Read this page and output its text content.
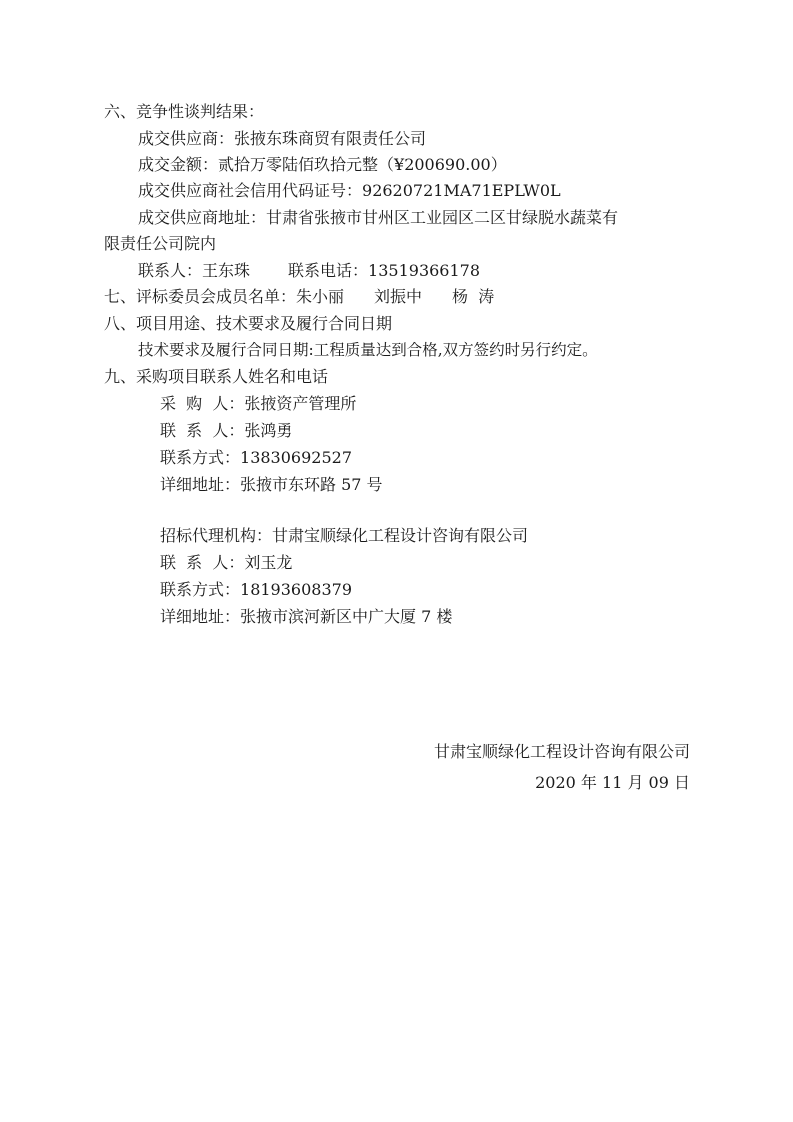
六、竞争性谈判结果：
成交供应商：张掖东珠商贸有限责任公司
成交金额：贰拾万零陆佰玖拾元整（¥200690.00）
成交供应商社会信用代码证号：92620721MA71EPLW0L
成交供应商地址：甘肃省张掖市甘州区工业园区二区甘绿脱水蔬菜有
限责任公司院内
联系人：王东珠 联系电话：13519366178
七、评标委员会成员名单：朱小丽 刘振中 杨  涛
八、项目用途、技术要求及履行合同日期
技术要求及履行合同日期:工程质量达到合格,双方签约时另行约定。
九、采购项目联系人姓名和电话
采  购  人：张掖资产管理所
联  系  人：张鸿勇
联系方式：13830692527
详细地址：张掖市东环路 57 号
招标代理机构：甘肃宝顺绿化工程设计咨询有限公司
联  系  人：刘玉龙
联系方式：18193608379
详细地址：张掖市滨河新区中广大厦 7 楼
甘肃宝顺绿化工程设计咨询有限公司
2020 年 11 月 09 日
